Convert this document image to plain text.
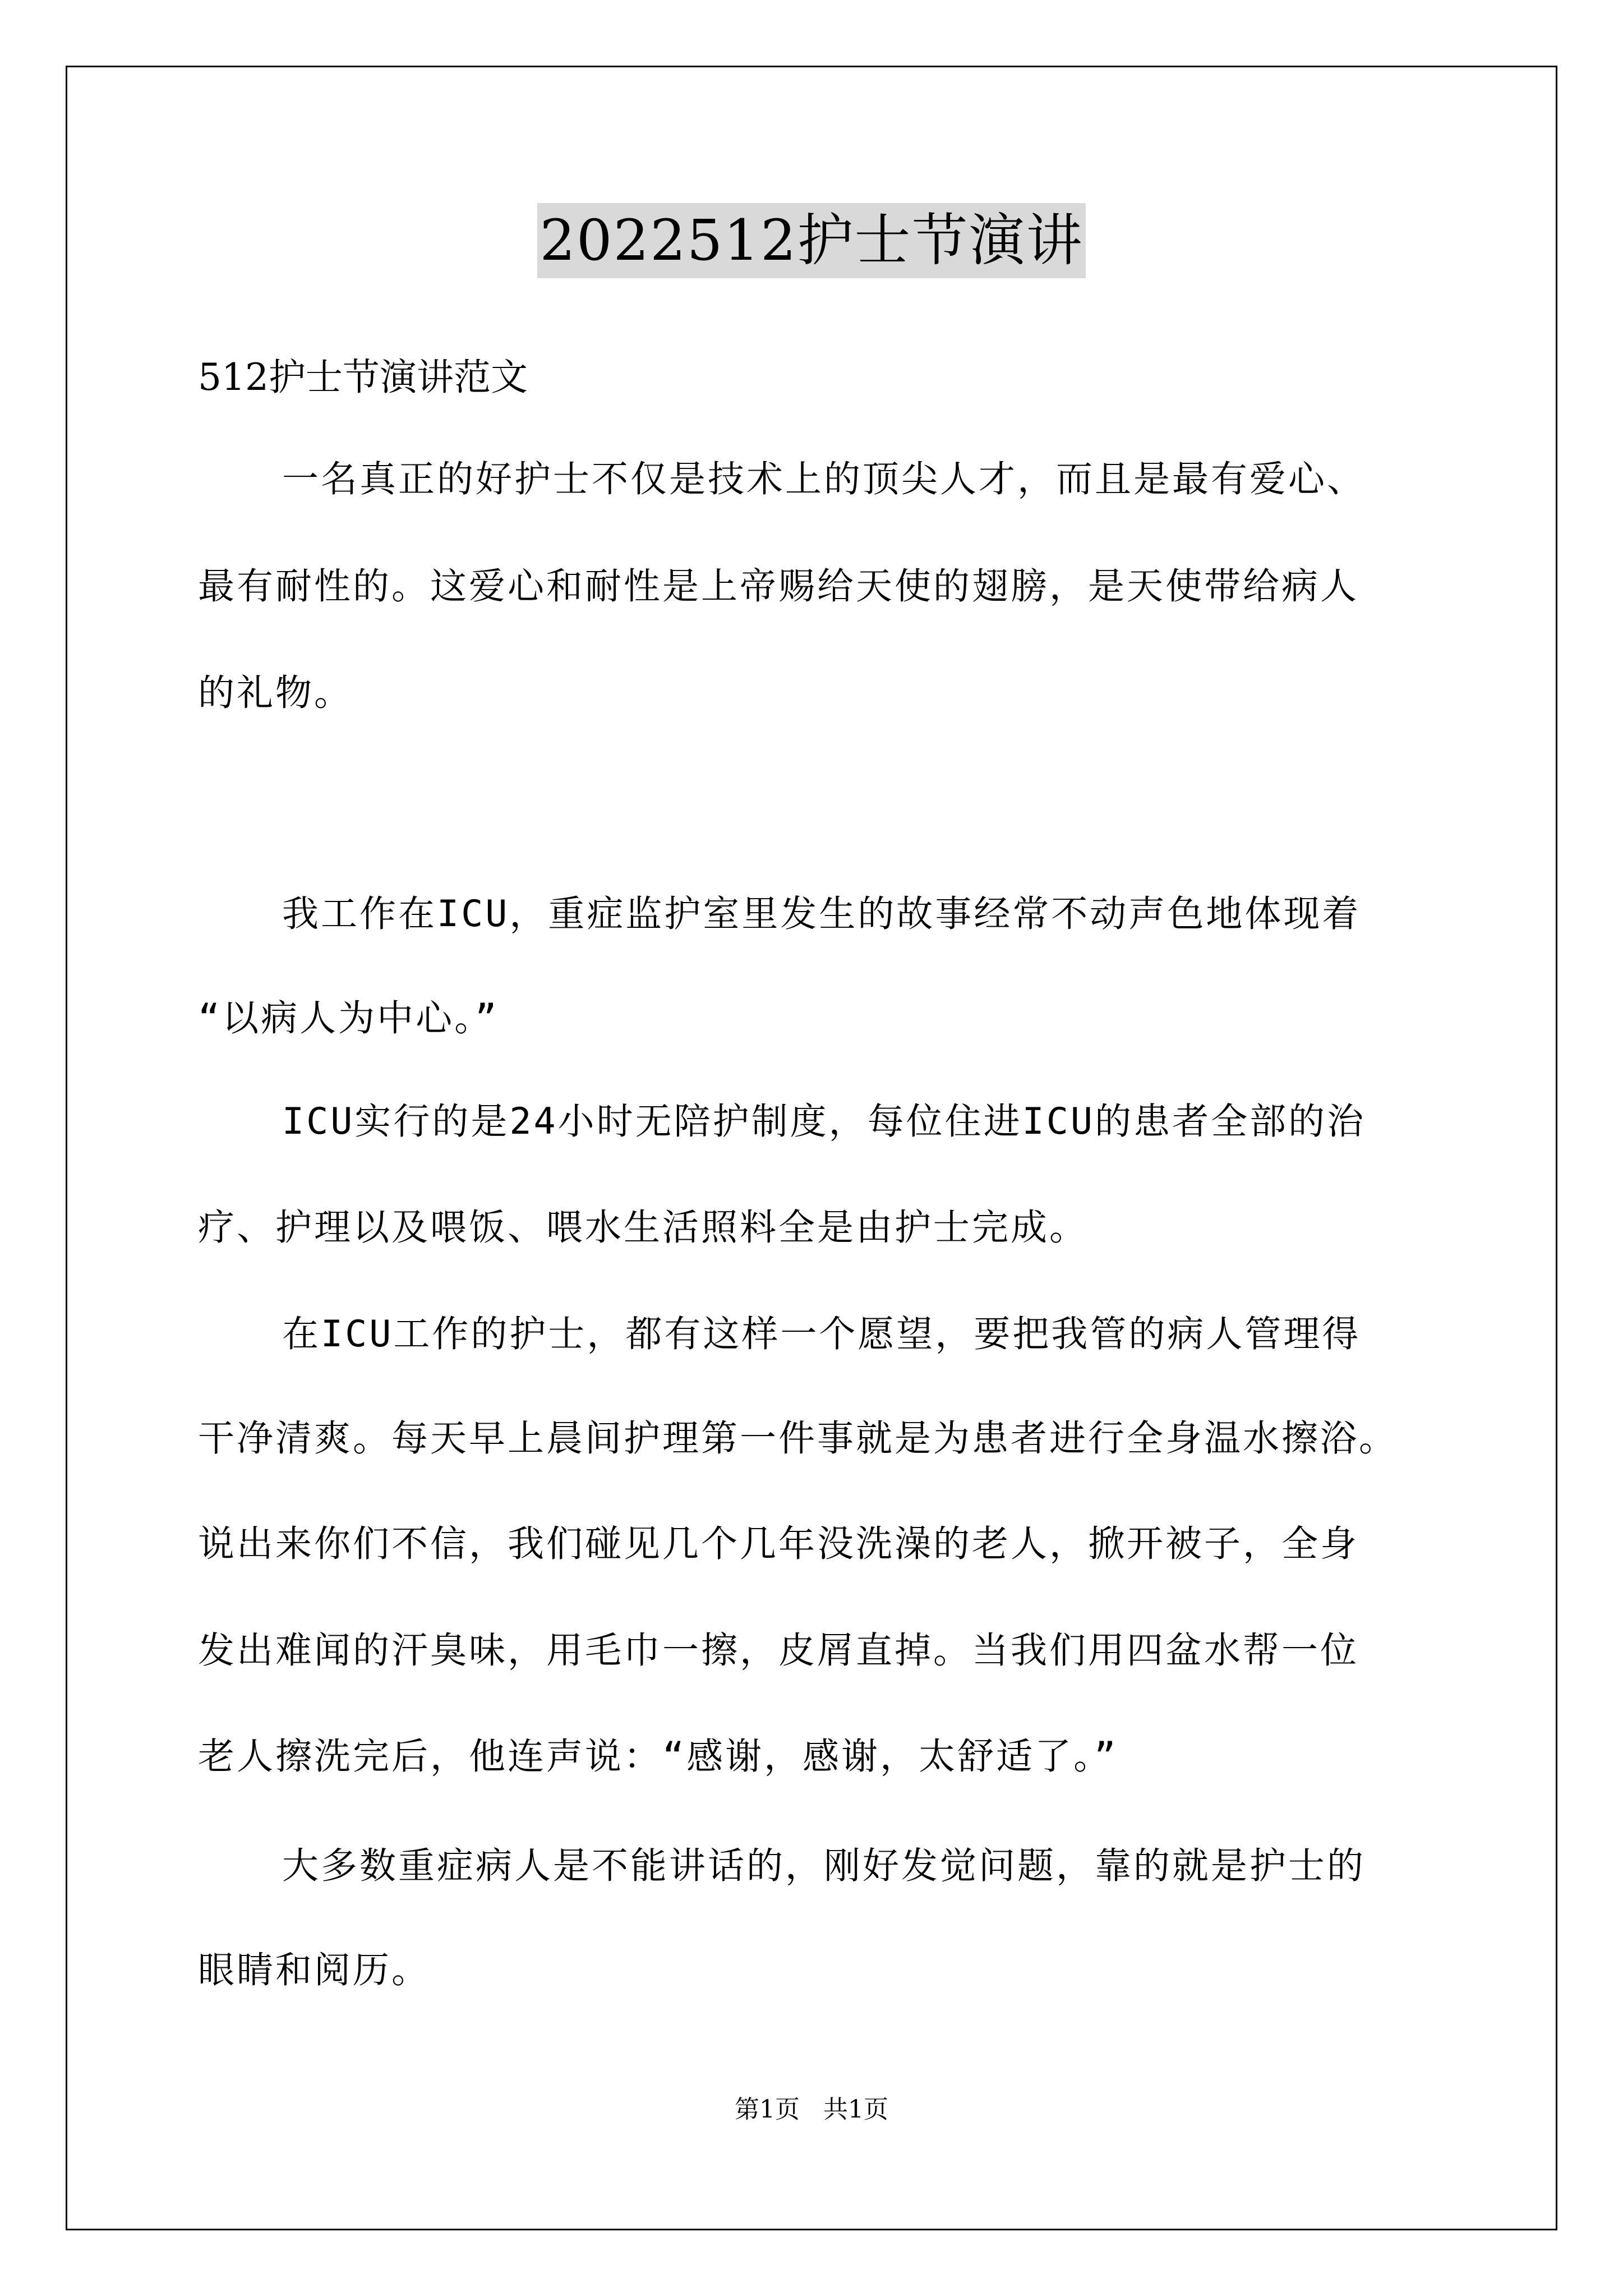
2022512护士节演讲
512护士节演讲范文
一名真正的好护士不仅是技术上的顶尖人才，而且是最有爱心、
最有耐性的。这爱心和耐性是上帝赐给天使的翅膀，是天使带给病人
的礼物。
我工作在ICU，重症监护室里发生的故事经常不动声色地体现着
“以病人为中心。”
ICU实行的是24小时无陪护制度，每位住进ICU的患者全部的治
疗、护理以及喂饭、喂水生活照料全是由护士完成。
在ICU工作的护士，都有这样一个愿望，要把我管的病人管理得
干净清爽。每天早上晨间护理第一件事就是为患者进行全身温水擦浴。
说出来你们不信，我们碰见几个几年没洗澡的老人，掀开被子，全身
发出难闻的汗臭味，用毛巾一擦，皮屑直掉。当我们用四盆水帮一位
老人擦洗完后，他连声说：“感谢，感谢，太舒适了。”
大多数重症病人是不能讲话的，刚好发觉问题，靠的就是护士的
眼睛和阅历。
第1页   共1页
